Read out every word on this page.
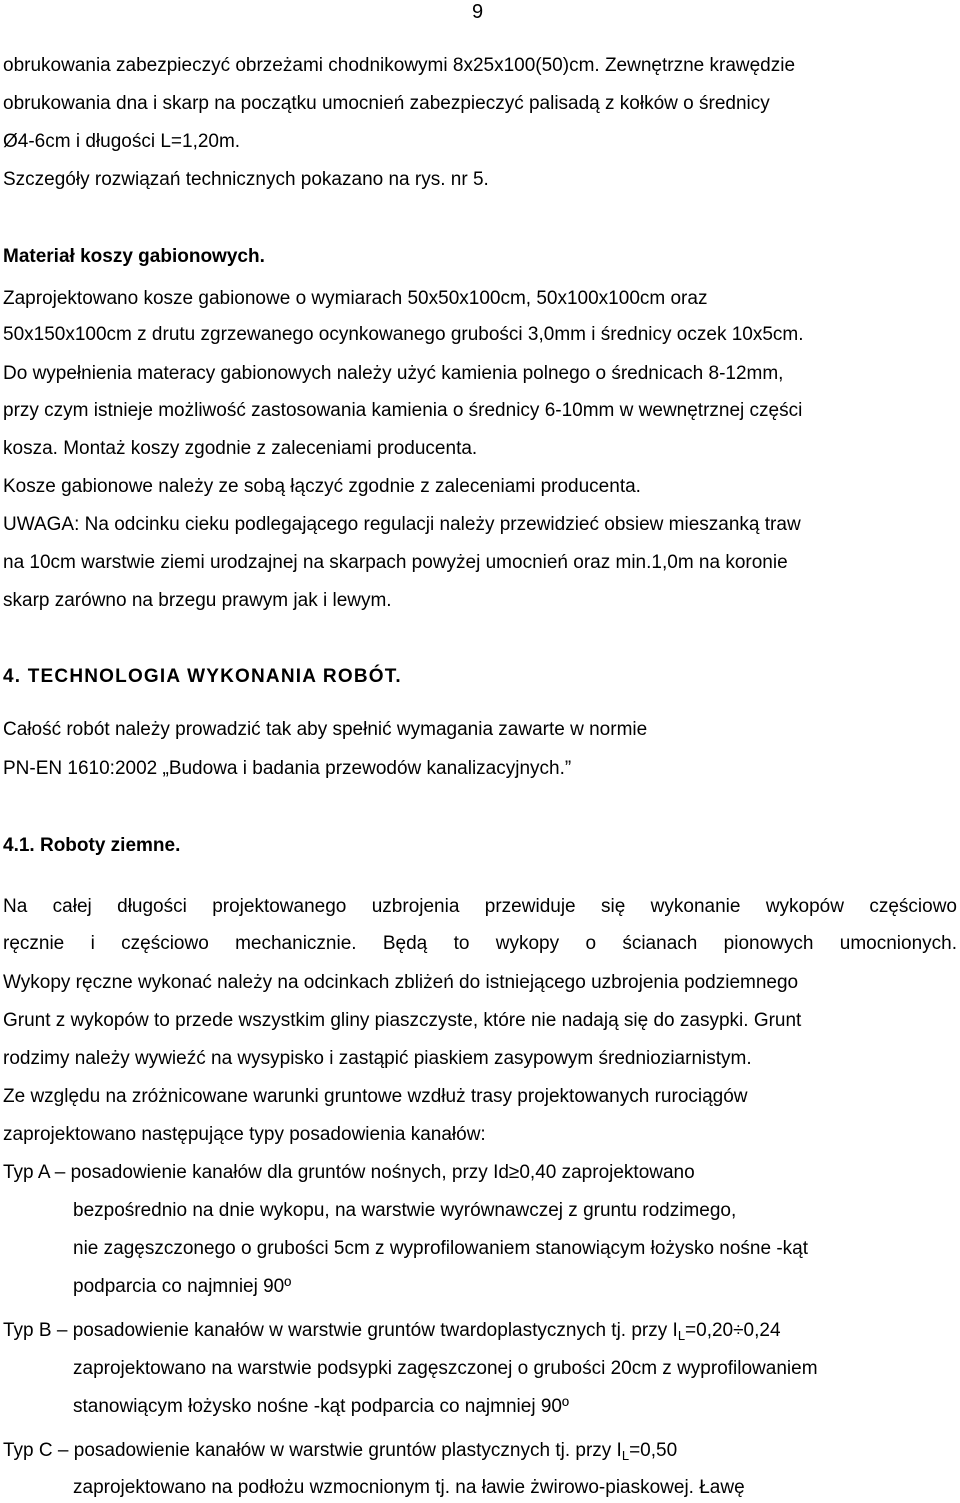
9
obrukowania zabezpieczyć obrzeżami chodnikowymi 8x25x100(50)cm. Zewnętrzne krawędzie
obrukowania dna i skarp na początku umocnień zabezpieczyć palisadą z kołków o średnicy
Ø4-6cm i długości L=1,20m.
Szczegóły rozwiązań technicznych pokazano na rys. nr 5.
Materiał koszy gabionowych.
Zaprojektowano kosze gabionowe o wymiarach 50x50x100cm, 50x100x100cm oraz
50x150x100cm z drutu zgrzewanego ocynkowanego grubości 3,0mm i średnicy oczek 10x5cm.
Do wypełnienia materacy gabionowych należy użyć kamienia polnego o średnicach 8-12mm,
przy czym istnieje możliwość zastosowania kamienia o średnicy 6-10mm w wewnętrznej części
kosza. Montaż koszy zgodnie z zaleceniami producenta.
Kosze gabionowe należy ze sobą łączyć zgodnie z zaleceniami producenta.
UWAGA: Na odcinku cieku podlegającego regulacji należy przewidzieć obsiew mieszanką traw
na 10cm warstwie ziemi urodzajnej na skarpach powyżej umocnień oraz min.1,0m na koronie
skarp zarówno na brzegu prawym jak i lewym.
4. TECHNOLOGIA WYKONANIA ROBÓT.
Całość robót należy prowadzić tak aby spełnić wymagania zawarte w normie
PN-EN 1610:2002 „Budowa i badania przewodów kanalizacyjnych.”
4.1. Roboty ziemne.
Na całej długości projektowanego uzbrojenia przewiduje się wykonanie wykopów częściowo
ręcznie i częściowo mechanicznie. Będą to wykopy o ścianach pionowych umocnionych.
Wykopy ręczne wykonać należy na odcinkach zbliżeń do istniejącego uzbrojenia podziemnego
Grunt z wykopów to przede wszystkim gliny piaszczyste, które nie nadają się do zasypki. Grunt
rodzimy należy wywieźć na wysypisko i zastąpić piaskiem zasypowym średnioziarnistym.
Ze względu na zróżnicowane warunki gruntowe wzdłuż trasy projektowanych rurociągów
zaprojektowano następujące typy posadowienia kanałów:
Typ A – posadowienie kanałów dla gruntów nośnych, przy Id≥0,40 zaprojektowano
bezpośrednio na dnie wykopu, na warstwie wyrównawczej z gruntu rodzimego,
nie zagęszczonego o grubości 5cm z wyprofilowaniem stanowiącym łożysko nośne -kąt
podparcia co najmniej 90º
Typ B – posadowienie kanałów w warstwie gruntów twardoplastycznych tj. przy $I_L=0,20\div 0,24$
zaprojektowano na warstwie podsypki zagęszczonej o grubości 20cm z wyprofilowaniem
stanowiącym łożysko nośne -kąt podparcia co najmniej 90º
Typ C – posadowienie kanałów w warstwie gruntów plastycznych tj. przy $I_L=0,50$
zaprojektowano na podłożu wzmocnionym tj. na ławie żwirowo-piaskowej. Ławę
